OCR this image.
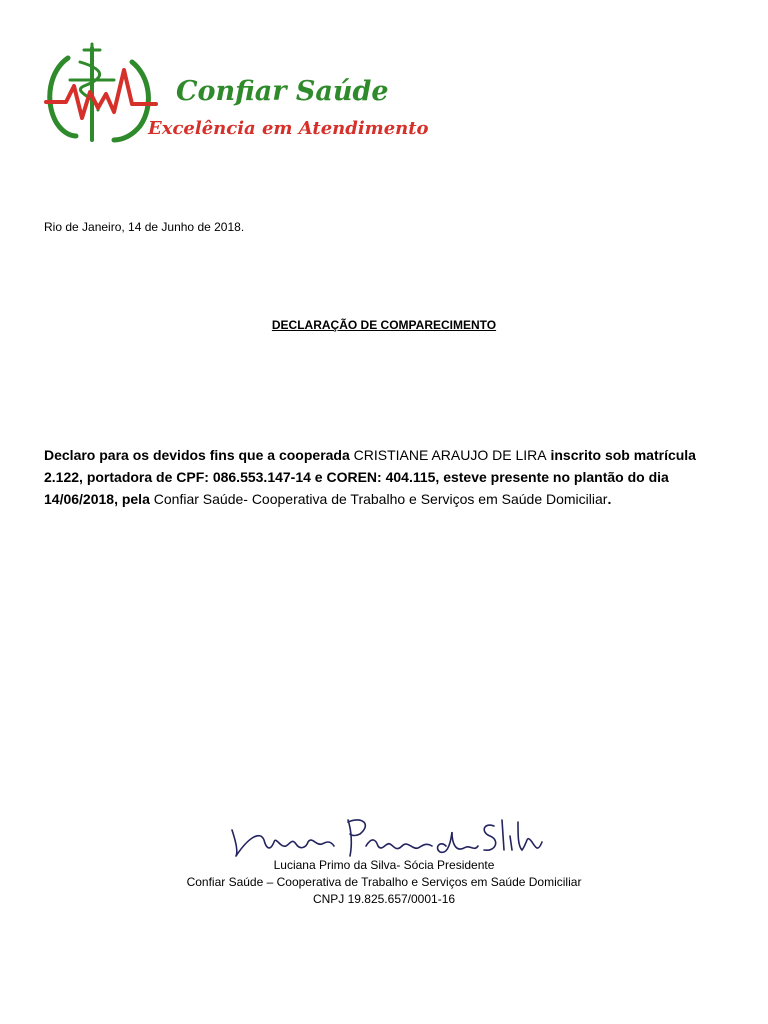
Confiar Saúde
Excelência em Atendimento
Rio de Janeiro, 14 de Junho de 2018.
DECLARAÇÃO DE COMPARECIMENTO
Declaro para os devidos fins que a cooperada CRISTIANE ARAUJO DE LIRA inscrito sob matrícula 2.122, portadora de CPF: 086.553.147-14 e COREN: 404.115, esteve presente no plantão do dia 14/06/2018, pela Confiar Saúde- Cooperativa de Trabalho e Serviços em Saúde Domiciliar.
Luciana Primo da Silva- Sócia Presidente
Confiar Saúde – Cooperativa de Trabalho e Serviços em Saúde Domiciliar
CNPJ 19.825.657/0001-16
